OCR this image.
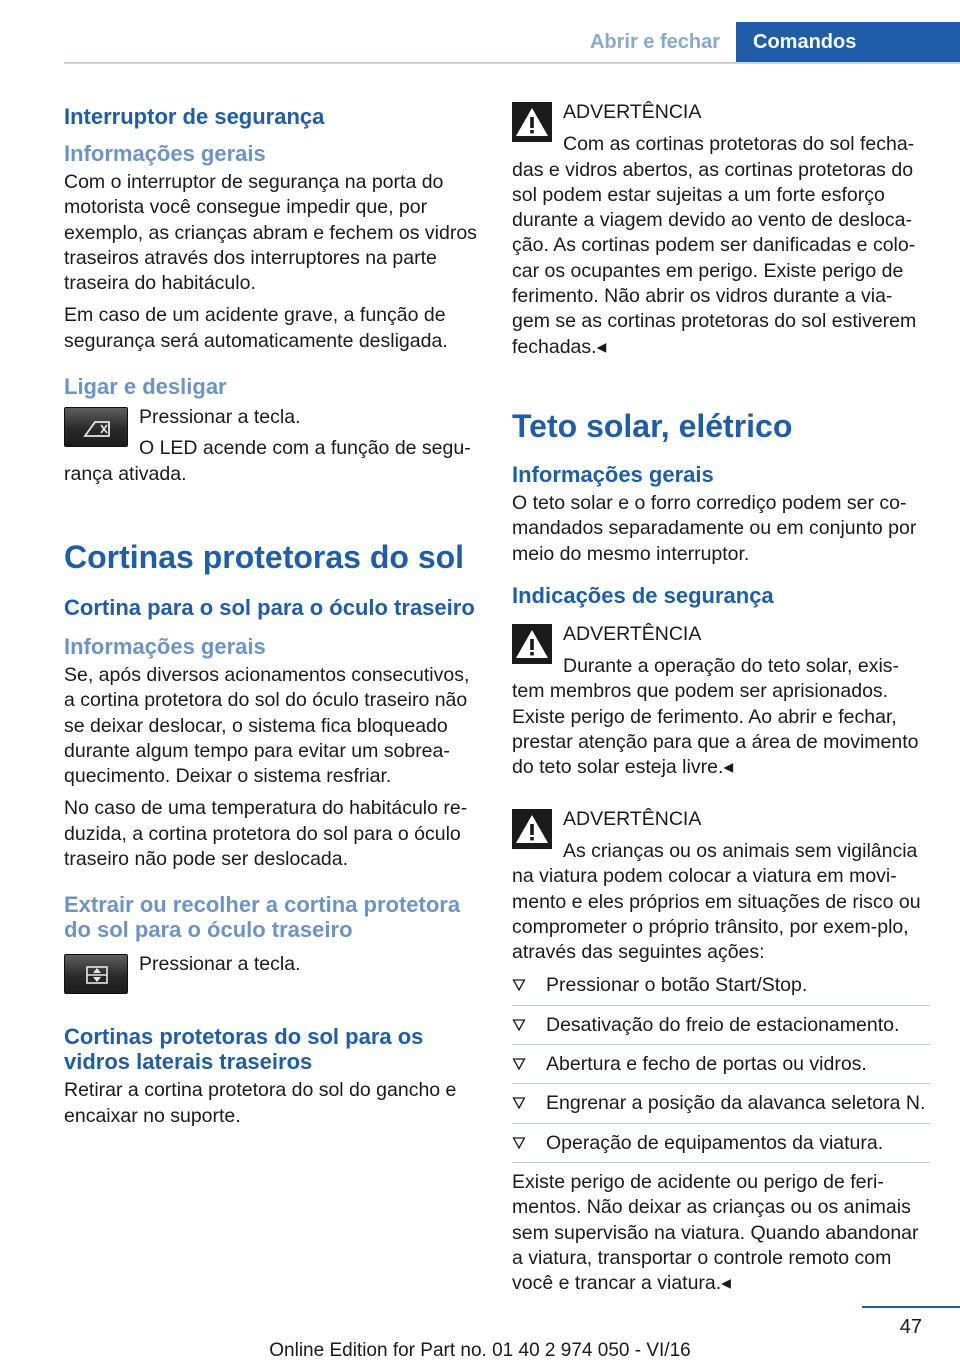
Abrir e fechar	Comandos
Interruptor de segurança
Informações gerais

Com o interruptor de segurança na porta do motorista você consegue impedir que, por exemplo, as crianças abram e fechem os vidros traseiros através dos interruptores na parte traseira do habitáculo.

Em caso de um acidente grave, a função de segurança será automaticamente desligada.

Ligar e desligar

Pressionar a tecla.

O LED acende com a função de segu‐rança ativada.

Cortinas protetoras do sol
Cortina para o sol para o óculo traseiro
Informações gerais

Se, após diversos acionamentos consecutivos, a cortina protetora do sol do óculo traseiro não se deixar deslocar, o sistema fica bloqueado durante algum tempo para evitar um sobrea‐quecimento. Deixar o sistema resfriar.

No caso de uma temperatura do habitáculo re‐duzida, a cortina protetora do sol para o óculo traseiro não pode ser deslocada.

Extrair ou recolher a cortina protetora do sol para o óculo traseiro

Pressionar a tecla.

Cortinas protetoras do sol para os vidros laterais traseiros

Retirar a cortina protetora do sol do gancho e encaixar no suporte.

ADVERTÊNCIA

Com as cortinas protetoras do sol fecha‐

das e vidros abertos, as cortinas protetoras do sol podem estar sujeitas a um forte esforço durante a viagem devido ao vento de desloca‐ção. As cortinas podem ser danificadas e colo‐car os ocupantes em perigo. Existe perigo de ferimento. Não abrir os vidros durante a via‐gem se as cortinas protetoras do sol estiverem fechadas.◂

Teto solar, elétrico
Informações gerais

O teto solar e o forro corrediço podem ser co‐mandados separadamente ou em conjunto por meio do mesmo interruptor.

Indicações de segurança

ADVERTÊNCIA

Durante a operação do teto solar, exis‐

tem membros que podem ser aprisionados. Existe perigo de ferimento. Ao abrir e fechar, prestar atenção para que a área de movimento do teto solar esteja livre.◂

ADVERTÊNCIA

As crianças ou os animais sem vigilância

na viatura podem colocar a viatura em movi‐mento e eles próprios em situações de risco ou comprometer o próprio trânsito, por exem‐plo, através das seguintes ações:

Pressionar o botão Start/Stop.
Desativação do freio de estacionamento.
Abertura e fecho de portas ou vidros.
Engrenar a posição da alavanca seletora N.
Operação de equipamentos da viatura.

Existe perigo de acidente ou perigo de feri‐mentos. Não deixar as crianças ou os animais sem supervisão na viatura. Quando abandonar a viatura, transportar o controle remoto com você e trancar a viatura.◂

47
Online Edition for Part no. 01 40 2 974 050 - VI/16
